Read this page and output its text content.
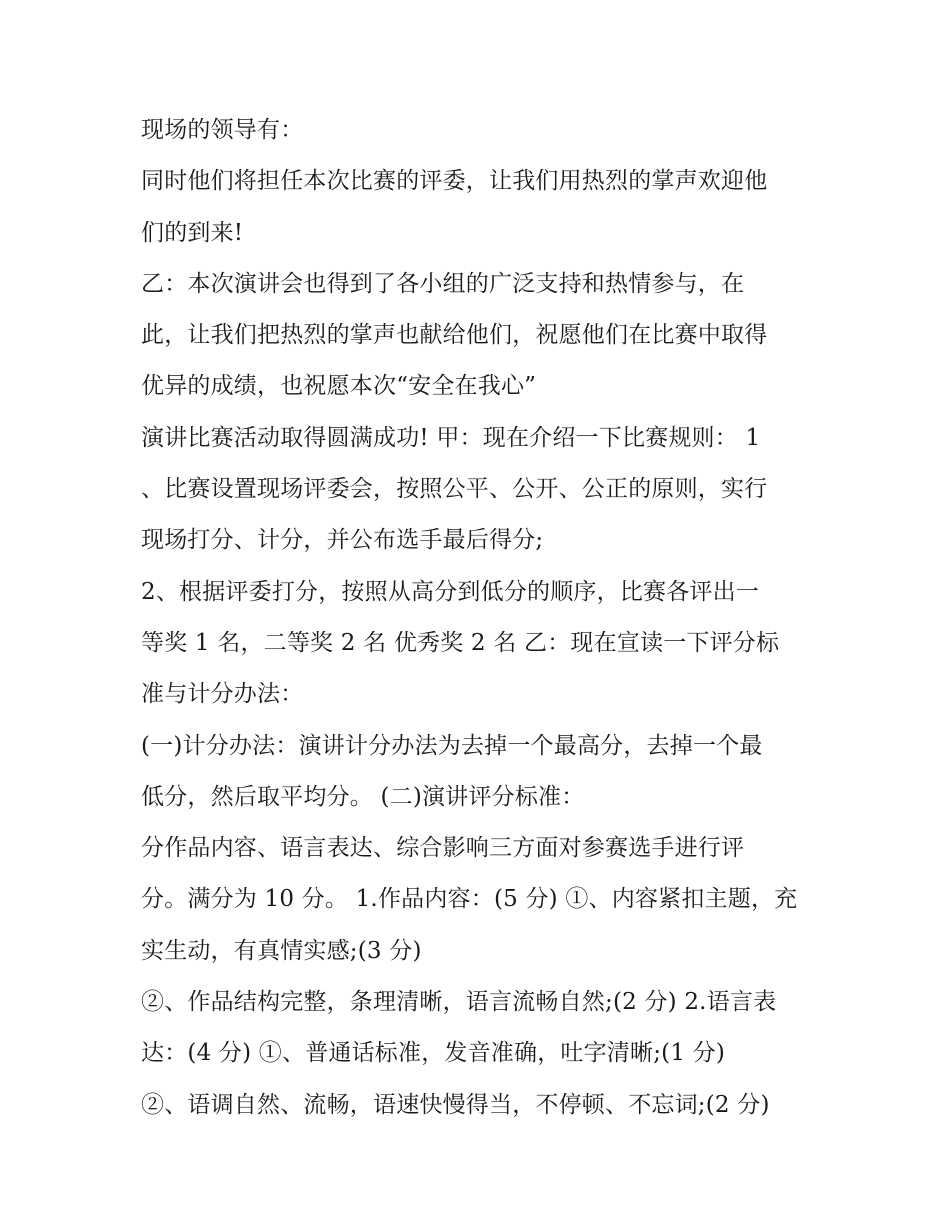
现场的领导有：
同时他们将担任本次比赛的评委，让我们用热烈的掌声欢迎他
们的到来!
乙：本次演讲会也得到了各小组的广泛支持和热情参与，在
此，让我们把热烈的掌声也献给他们，祝愿他们在比赛中取得
优异的成绩，也祝愿本次“安全在我心”
演讲比赛活动取得圆满成功! 甲：现在介绍一下比赛规则： 1
、比赛设置现场评委会，按照公平、公开、公正的原则，实行
现场打分、计分，并公布选手最后得分;
2、根据评委打分，按照从高分到低分的顺序，比赛各评出一
等奖 1 名，二等奖 2 名 优秀奖 2 名 乙：现在宣读一下评分标
准与计分办法：
(一)计分办法：演讲计分办法为去掉一个最高分，去掉一个最
低分，然后取平均分。 (二)演讲评分标准：
分作品内容、语言表达、综合影响三方面对参赛选手进行评
分。满分为 10 分。 1.作品内容：(5 分) ①、内容紧扣主题，充
实生动，有真情实感;(3 分)
②、作品结构完整，条理清晰，语言流畅自然;(2 分) 2.语言表
达：(4 分) ①、普通话标准，发音准确，吐字清晰;(1 分)
②、语调自然、流畅，语速快慢得当，不停顿、不忘词;(2 分)
